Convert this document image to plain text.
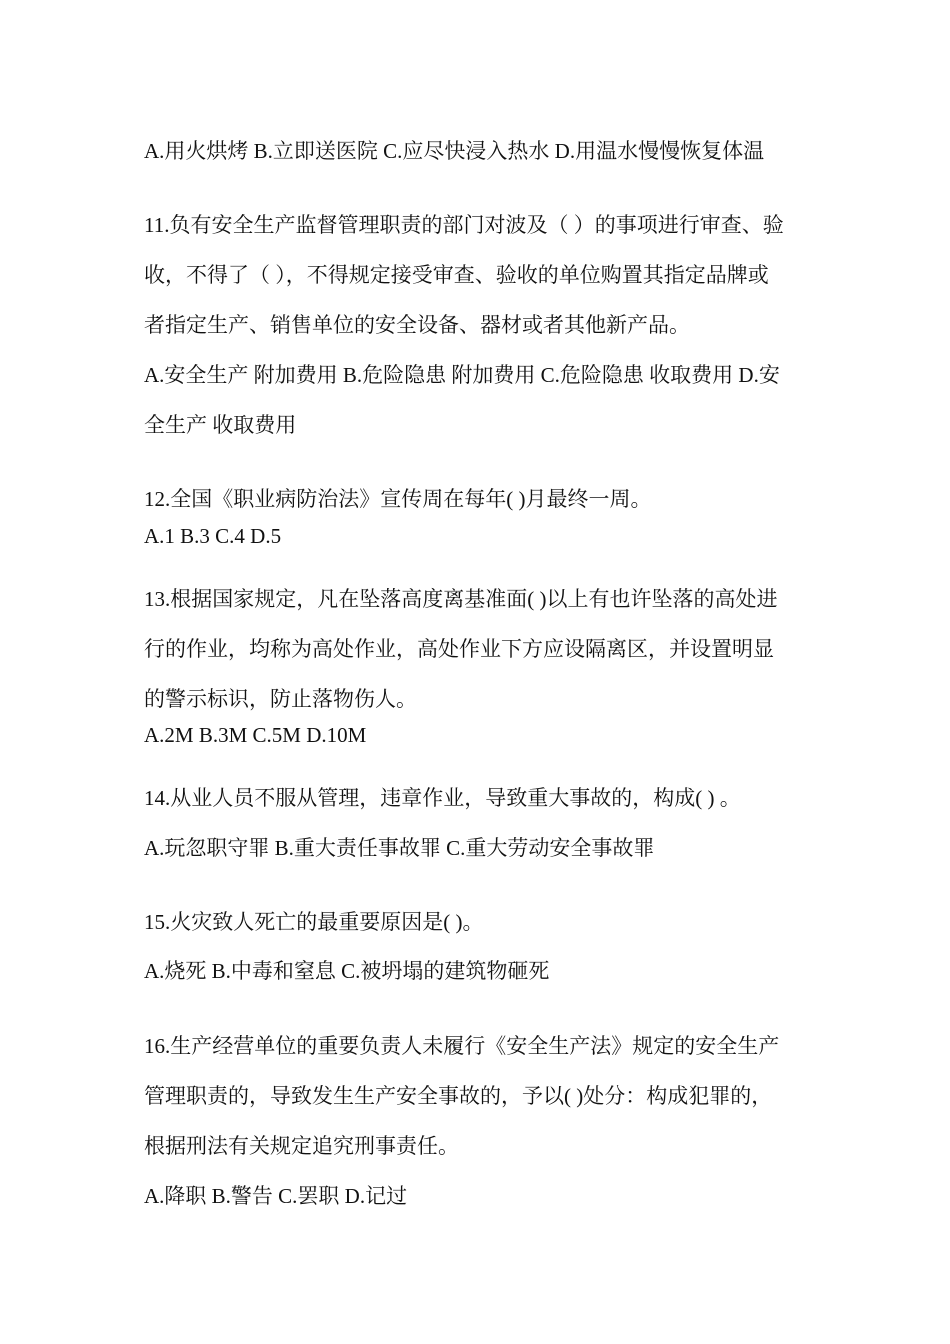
A.用火烘烤 B.立即送医院 C.应尽快浸入热水 D.用温水慢慢恢复体温
11.负有安全生产监督管理职责的部门对波及（ ）的事项进行审查、验
收，不得了（ ），不得规定接受审查、验收的单位购置其指定品牌或
者指定生产、销售单位的安全设备、器材或者其他新产品。
A.安全生产 附加费用 B.危险隐患 附加费用 C.危险隐患 收取费用 D.安
全生产 收取费用
12.全国《职业病防治法》宣传周在每年( )月最终一周。
A.1 B.3 C.4 D.5
13.根据国家规定，凡在坠落高度离基准面( )以上有也许坠落的高处进
行的作业，均称为高处作业，高处作业下方应设隔离区，并设置明显
的警示标识，防止落物伤人。
A.2M B.3M C.5M D.10M
14.从业人员不服从管理，违章作业，导致重大事故的，构成( ) 。
A.玩忽职守罪 B.重大责任事故罪 C.重大劳动安全事故罪
15.火灾致人死亡的最重要原因是( )。
A.烧死 B.中毒和窒息 C.被坍塌的建筑物砸死
16.生产经营单位的重要负责人未履行《安全生产法》规定的安全生产
管理职责的，导致发生生产安全事故的，予以( )处分：构成犯罪的，
根据刑法有关规定追究刑事责任。
A.降职 B.警告 C.罢职 D.记过
